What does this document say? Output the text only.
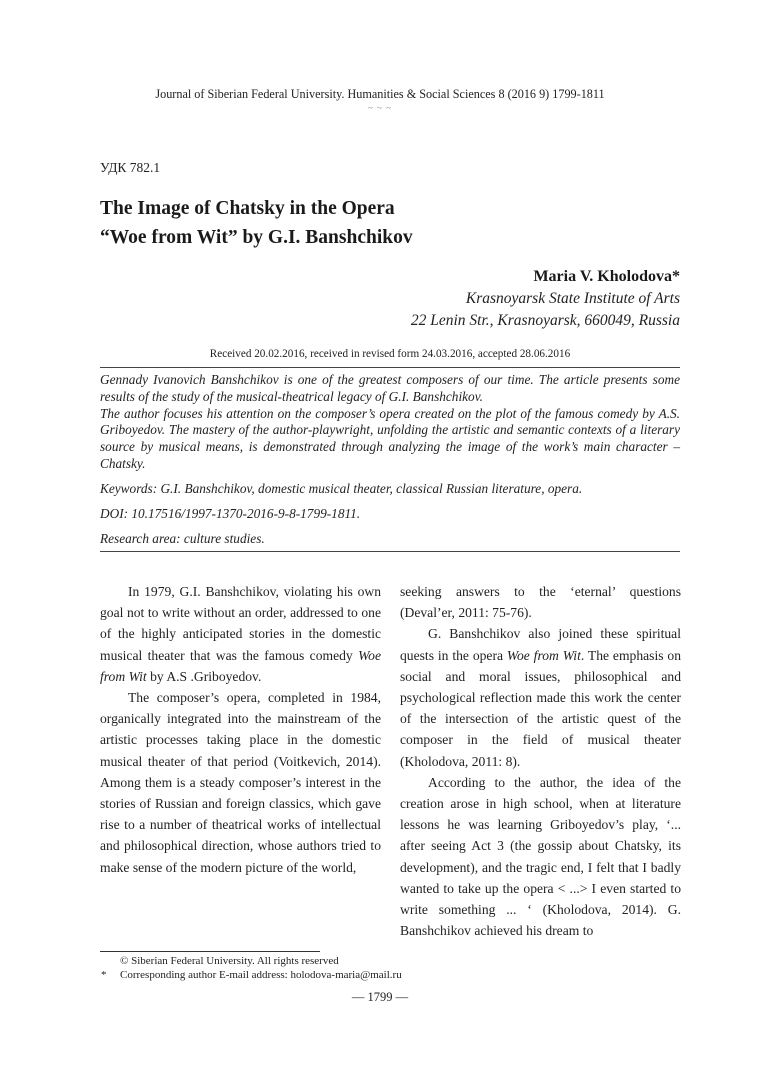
Journal of Siberian Federal University. Humanities & Social Sciences 8 (2016 9) 1799-1811
~ ~ ~
УДК 782.1
The Image of Chatsky in the Opera
“Woe from Wit” by G.I. Banshchikov
Maria V. Kholodova*
Krasnoyarsk State Institute of Arts
22 Lenin Str., Krasnoyarsk, 660049, Russia
Received 20.02.2016, received in revised form 24.03.2016, accepted 28.06.2016

Gennady Ivanovich Banshchikov is one of the greatest composers of our time. The article presents some results of the study of the musical-theatrical legacy of G.I. Banshchikov.

The author focuses his attention on the composer’s opera created on the plot of the famous comedy by A.S. Griboyedov. The mastery of the author-playwright, unfolding the artistic and semantic contexts of a literary source by musical means, is demonstrated through analyzing the image of the work’s main character – Chatsky.

Keywords: G.I. Banshchikov, domestic musical theater, classical Russian literature, opera.
DOI: 10.17516/1997-1370-2016-9-8-1799-1811.
Research area: culture studies.

In 1979, G.I. Banshchikov, violating his own goal not to write without an order, addressed to one of the highly anticipated stories in the domestic musical theater that was the famous comedy Woe from Wit by A.S .Griboyedov.

The composer’s opera, completed in 1984, organically integrated into the mainstream of the artistic processes taking place in the domestic musical theater of that period (Voitkevich, 2014). Among them is a steady composer’s interest in the stories of Russian and foreign classics, which gave rise to a number of theatrical works of intellectual and philosophical direction, whose authors tried to make sense of the modern picture of the world,

seeking answers to the ‘eternal’ questions (Deval’er, 2011: 75-76).

G. Banshchikov also joined these spiritual quests in the opera Woe from Wit. The emphasis on social and moral issues, philosophical and psychological reflection made this work the center of the intersection of the artistic quest of the composer in the field of musical theater (Kholodova, 2011: 8).

According to the author, the idea of the creation arose in high school, when at literature lessons he was learning Griboyedov’s play, ‘... after seeing Act 3 (the gossip about Chatsky, its development), and the tragic end, I felt that I badly wanted to take up the opera < ...> I even started to write something ... ‘ (Kholodova, 2014). G. Banshchikov achieved his dream to

© Siberian Federal University. All rights reserved
* Corresponding author E-mail address: holodova-maria@mail.ru
— 1799 —
